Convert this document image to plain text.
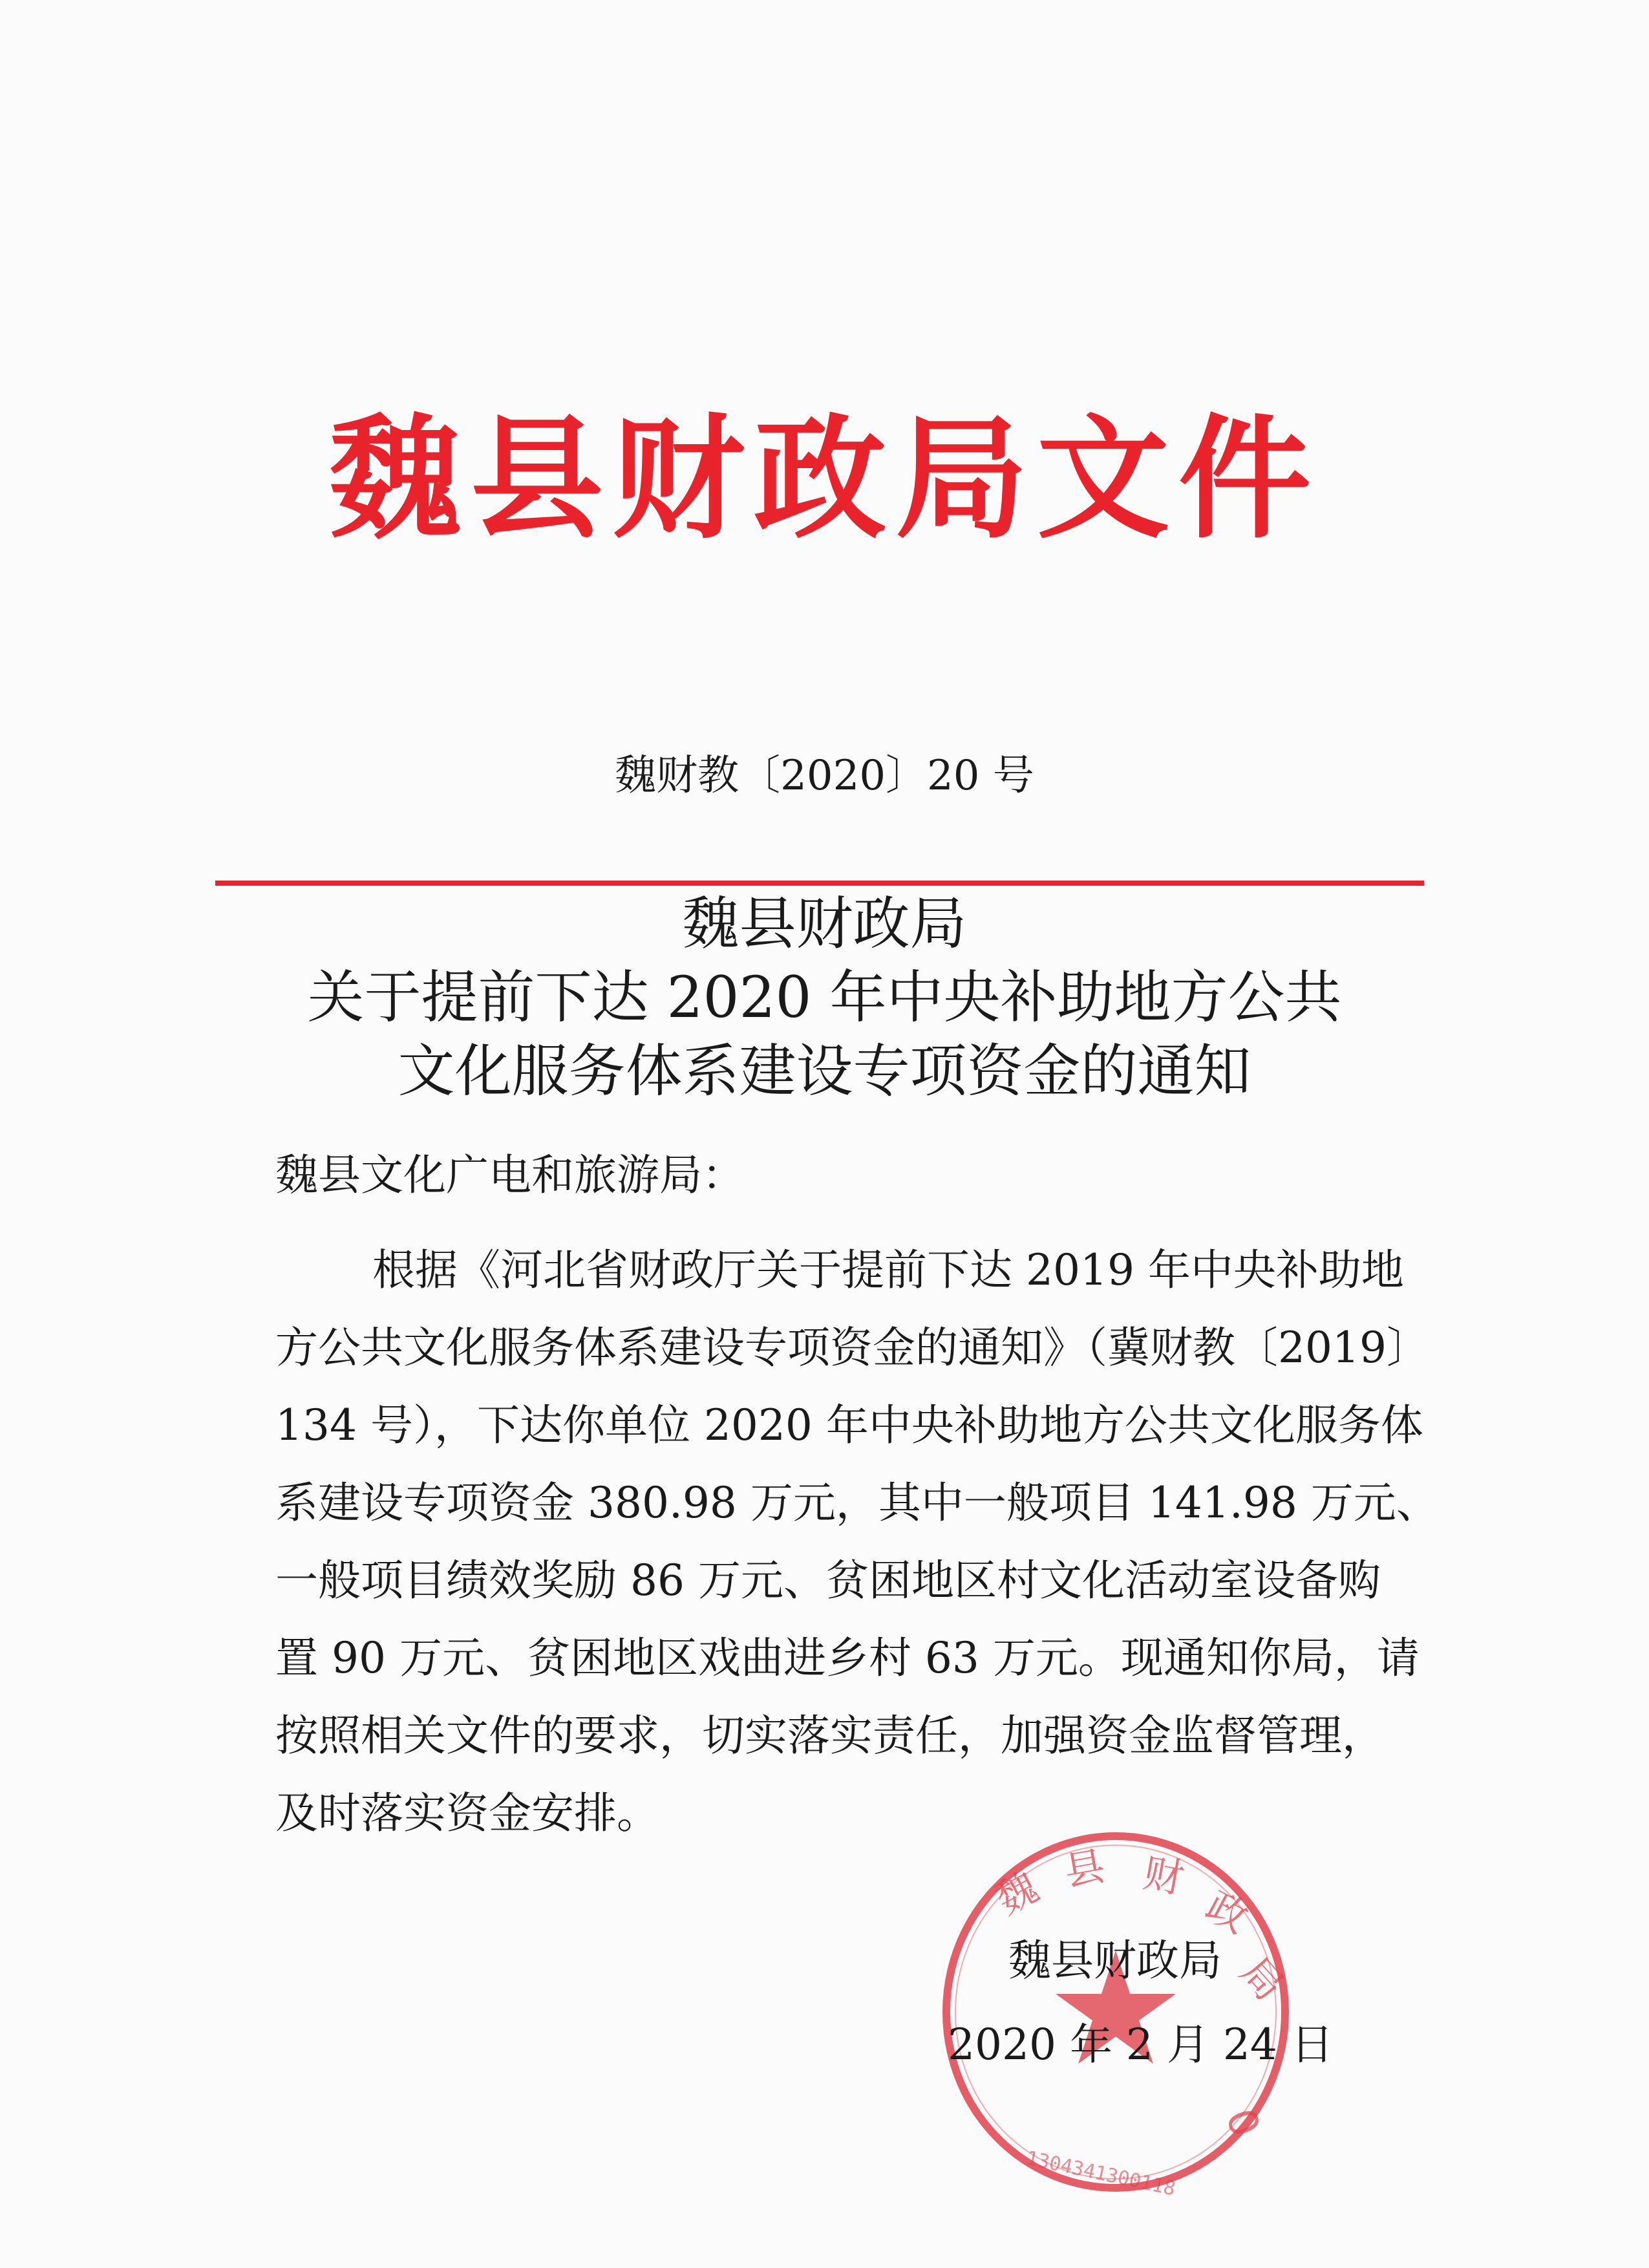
魏县财政局文件
魏财教〔2020〕20 号
魏县财政局
关于提前下达 2020 年中央补助地方公共
文化服务体系建设专项资金的通知
魏县文化广电和旅游局：
根据《河北省财政厅关于提前下达 2019 年中央补助地
方公共文化服务体系建设专项资金的通知》（冀财教〔2019〕
134 号），下达你单位 2020 年中央补助地方公共文化服务体
系建设专项资金 380.98 万元，其中一般项目 141.98 万元、
一般项目绩效奖励 86 万元、贫困地区村文化活动室设备购
置 90 万元、贫困地区戏曲进乡村 63 万元。现通知你局，请
按照相关文件的要求，切实落实责任，加强资金监督管理，
及时落实资金安排。
魏 县 财
政
局
0
1304341300118
魏县财政局
2020 年 2 月 24 日
